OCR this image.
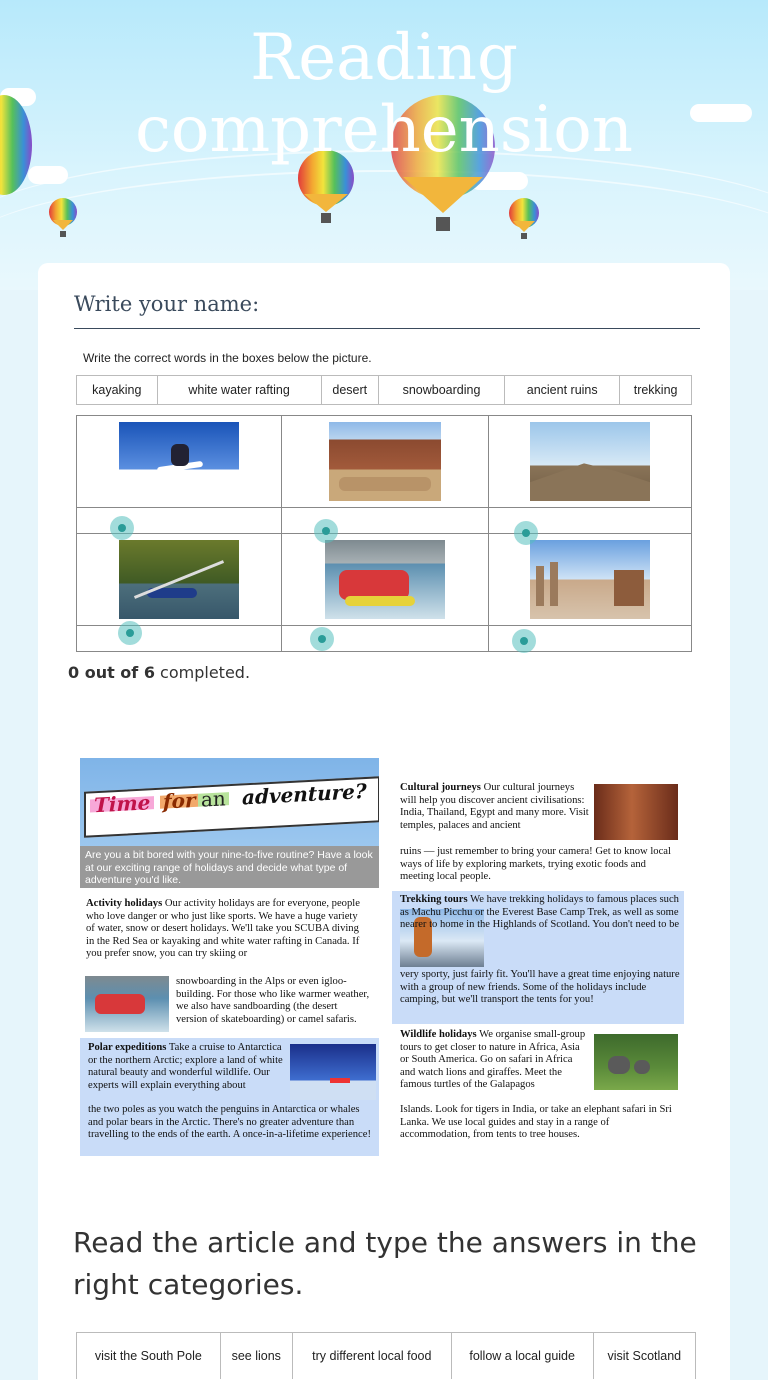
Reading
comprehension
Write your name:
Write the correct words in the boxes below the picture.
kayaking	white water rafting	desert	snowboarding	ancient ruins	trekking

0 out of 6 completed.
Time for an adventure?
Are you a bit bored with your nine-to-five routine? Have a look at our exciting range of holidays and decide what type of adventure you'd like.
Activity holidays Our activity holidays are for everyone, people who love danger or who just like sports. We have a huge variety of water, snow or desert holidays. We'll take you SCUBA diving in the Red Sea or kayaking and white water rafting in Canada. If you prefer snow, you can try skiing or
snowboarding in the Alps or even igloo-building. For those who like warmer weather, we also have sandboarding (the desert version of skateboarding) or camel safaris.
Polar expeditions Take a cruise to Antarctica or the northern Arctic; explore a land of white natural beauty and wonderful wildlife. Our experts will explain everything about
the two poles as you watch the penguins in Antarctica or whales and polar bears in the Arctic. There's no greater adventure than travelling to the ends of the earth. A once-in-a-lifetime experience!
Cultural journeys Our cultural journeys will help you discover ancient civilisations: India, Thailand, Egypt and many more. Visit temples, palaces and ancient
ruins — just remember to bring your camera! Get to know local ways of life by exploring markets, trying exotic foods and meeting local people.
Trekking tours We have trekking holidays to famous places such as Machu Picchu or the Everest Base Camp Trek, as well as some nearer to home in the Highlands of Scotland. You don't need to be
very sporty, just fairly fit. You'll have a great time enjoying nature with a group of new friends. Some of the holidays include camping, but we'll transport the tents for you!
Wildlife holidays We organise small-group tours to get closer to nature in Africa, Asia or South America. Go on safari in Africa and watch lions and giraffes. Meet the famous turtles of the Galapagos
Islands. Look for tigers in India, or take an elephant safari in Sri Lanka. We use local guides and stay in a range of accommodation, from tents to tree houses.
Read the article and type the answers in the right categories.
visit the South Pole	see lions	try different local food	follow a local guide	visit Scotland
